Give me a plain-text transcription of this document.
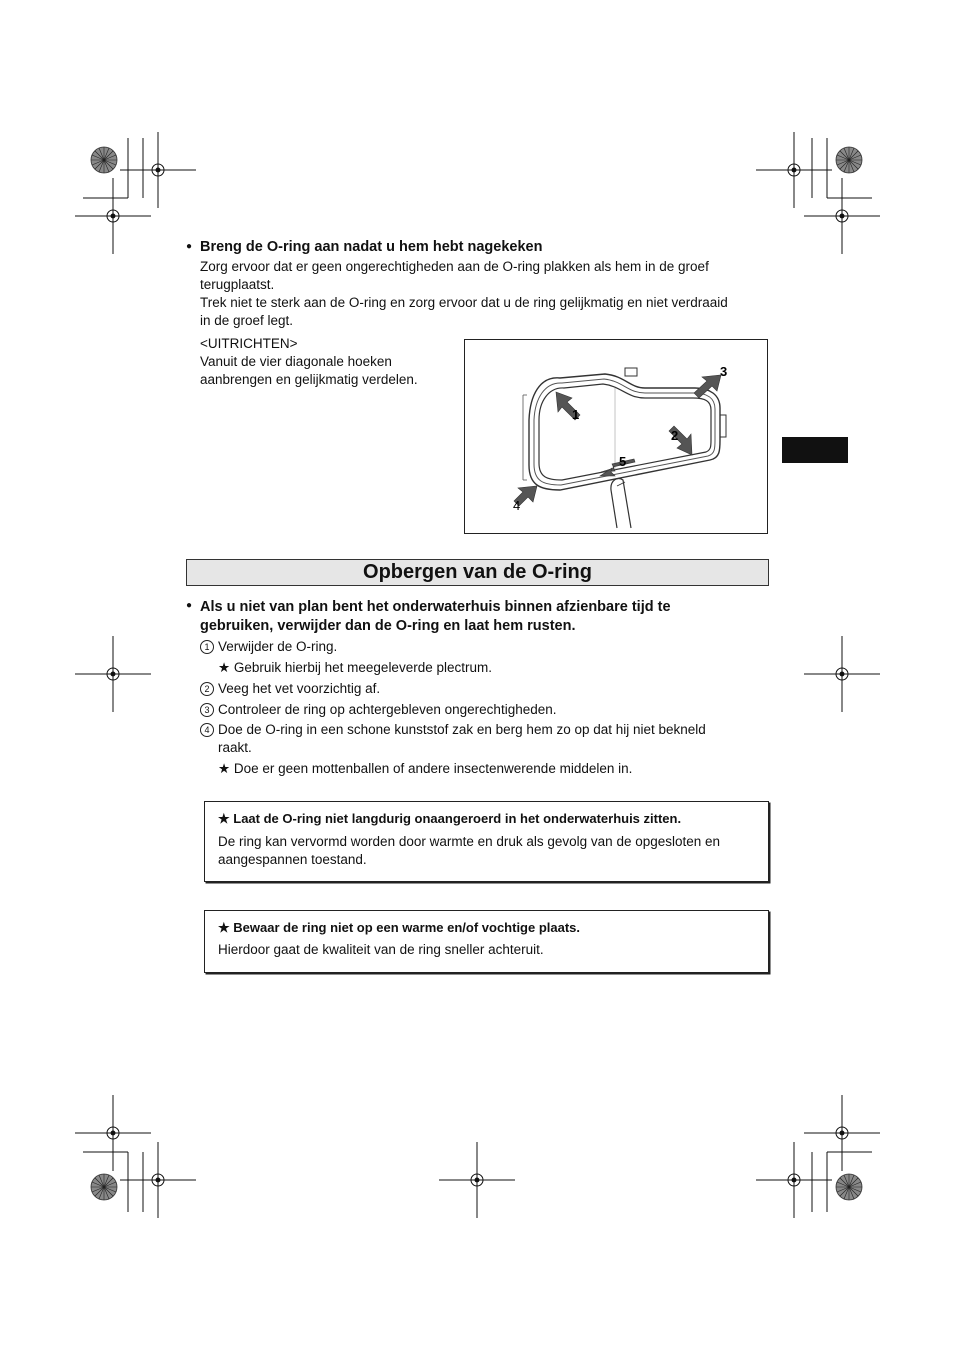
● Breng de O-ring aan nadat u hem hebt nagekeken
Zorg ervoor dat er geen ongerechtigheden aan de O-ring plakken als hem in de groef
terugplaatst.
Trek niet te sterk aan de O-ring en zorg ervoor dat u de ring gelijkmatig en niet verdraaid
in de groef legt.
<UITRICHTEN>
Vanuit de vier diagonale hoeken
aanbrengen en gelijkmatig verdelen.
1
2
3
4
5
Opbergen van de O-ring
● Als u niet van plan bent het onderwaterhuis binnen afzienbare tijd te
gebruiken, verwijder dan de O-ring en laat hem rusten.
1 Verwijder de O-ring.
★ Gebruik hierbij het meegeleverde plectrum.
2 Veeg het vet voorzichtig af.
3 Controleer de ring op achtergebleven ongerechtigheden.
4 Doe de O-ring in een schone kunststof zak en berg hem zo op dat hij niet bekneld
raakt.
★ Doe er geen mottenballen of andere insectenwerende middelen in.
★ Laat de O-ring niet langdurig onaangeroerd in het onderwaterhuis zitten.
De ring kan vervormd worden door warmte en druk als gevolg van de opgesloten en
aangespannen toestand.
★ Bewaar de ring niet op een warme en/of vochtige plaats.
Hierdoor gaat de kwaliteit van de ring sneller achteruit.
